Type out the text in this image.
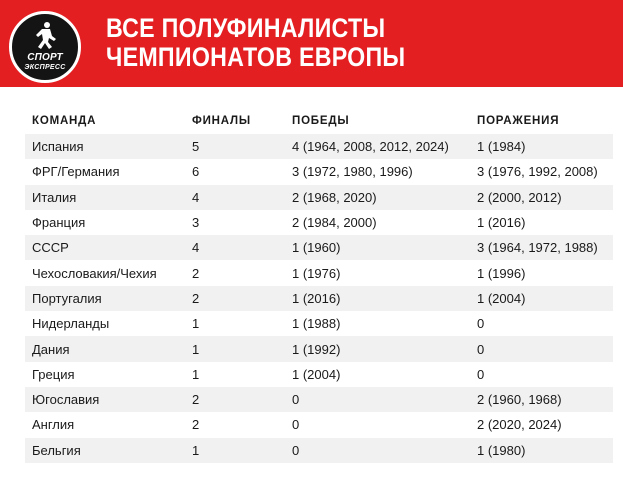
СПОРТ
ЭКСПРЕСС
ВСЕ ПОЛУФИНАЛИСТЫ
ЧЕМПИОНАТОВ ЕВРОПЫ
КОМАНДА	ФИНАЛЫ	ПОБЕДЫ	ПОРАЖЕНИЯ
Испания	5	4 (1964, 2008, 2012, 2024)	1 (1984)
ФРГ/Германия	6	3 (1972, 1980, 1996)	3 (1976, 1992, 2008)
Италия	4	2 (1968, 2020)	2 (2000, 2012)
Франция	3	2 (1984, 2000)	1 (2016)
СССР	4	1 (1960)	3 (1964, 1972, 1988)
Чехословакия/Чехия	2	1 (1976)	1 (1996)
Португалия	2	1 (2016)	1 (2004)
Нидерланды	1	1 (1988)	0
Дания	1	1 (1992)	0
Греция	1	1 (2004)	0
Югославия	2	0	2 (1960, 1968)
Англия	2	0	2 (2020, 2024)
Бельгия	1	0	1 (1980)
